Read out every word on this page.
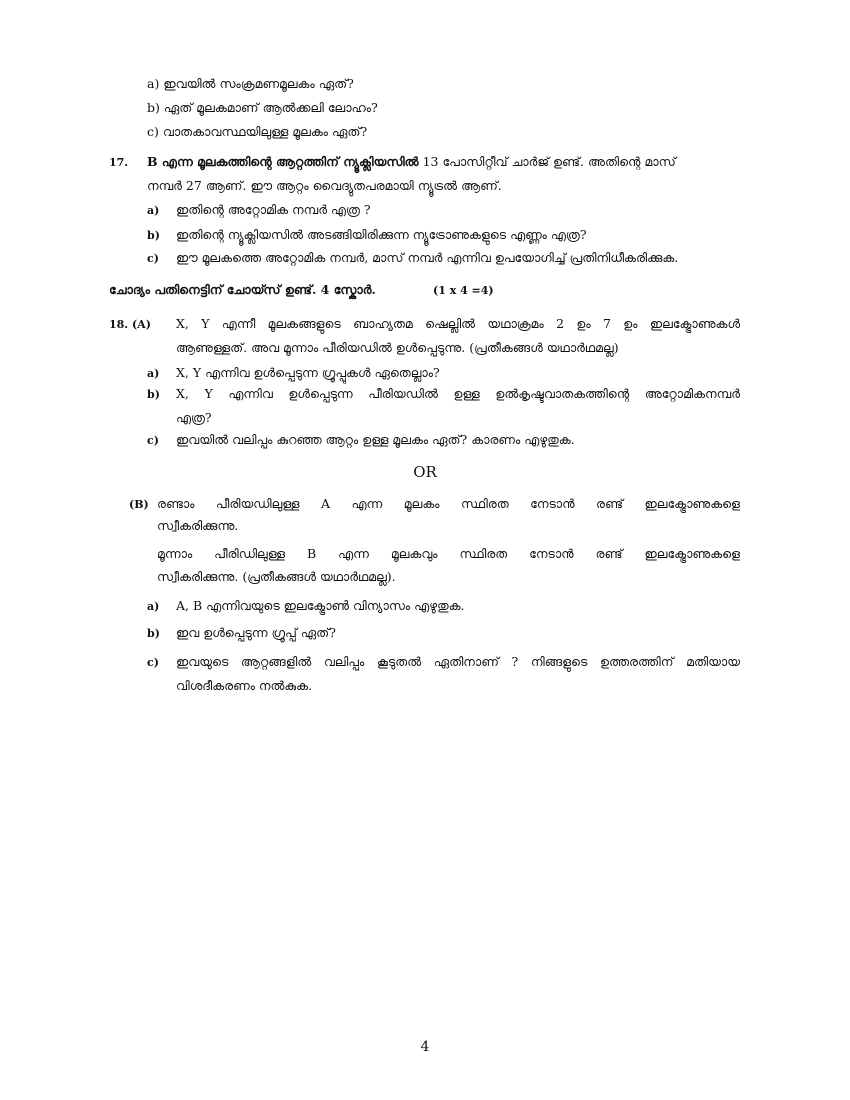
a) ഇവയിൽ സംക്രമണമൂലകം ഏത്?
b) ഏത് മൂലകമാണ് ആൽക്കലി ലോഹം?
c) വാതകാവസ്ഥയിലുള്ള മൂലകം ഏത്?
17. B എന്ന മൂലകത്തിന്റെ ആറ്റത്തിന് ന്യൂക്ലിയസിൽ 13 പോസിറ്റീവ് ചാർജ് ഉണ്ട്. അതിന്റെ മാസ്
നമ്പർ 27 ആണ്. ഈ ആറ്റം വൈദ്യുതപരമായി ന്യൂട്രൽ ആണ്.
a) ഇതിന്റെ അറ്റോമിക നമ്പർ എത്ര ?
b) ഇതിന്റെ ന്യൂക്ലിയസിൽ അടങ്ങിയിരിക്കുന്ന ന്യൂട്രോണുകളുടെ എണ്ണം എത്ര?
c) ഈ മൂലകത്തെ അറ്റോമിക നമ്പർ, മാസ് നമ്പർ എന്നിവ ഉപയോഗിച്ച് പ്രതിനിധീകരിക്കുക.
ചോദ്യം പതിനെട്ടിന് ചോയ്സ് ഉണ്ട്. 4 സ്കോർ.	(1 x 4 =4)
18. (A) X, Y എന്നീ മൂലകങ്ങളുടെ ബാഹ്യതമ ഷെല്ലിൽ യഥാക്രമം 2 ഉം 7 ഉം ഇലക്ട്രോണുകൾ
ആണുള്ളത്. അവ മൂന്നാം പീരിയഡിൽ ഉൾപ്പെടുന്നു. (പ്രതീകങ്ങൾ യഥാർഥമല്ല)
a) X, Y എന്നിവ ഉൾപ്പെടുന്ന ഗ്രൂപ്പുകൾ ഏതെല്ലാം?
b) X, Y എന്നിവ ഉൾപ്പെടുന്ന പീരിയഡിൽ ഉള്ള ഉൽകൃഷ്ടവാതകത്തിന്റെ അറ്റോമികനമ്പർ
എത്ര?
c) ഇവയിൽ വലിപ്പം കുറഞ്ഞ ആറ്റം ഉള്ള മൂലകം ഏത്? കാരണം എഴുതുക.
OR
(B) രണ്ടാം പീരിയഡിലുള്ള A എന്ന മൂലകം സ്ഥിരത നേടാൻ രണ്ട് ഇലക്ട്രോണുകളെ
സ്വീകരിക്കുന്നു.
മൂന്നാം പീരിഡിലുള്ള B എന്ന മൂലകവും സ്ഥിരത നേടാൻ രണ്ട് ഇലക്ട്രോണുകളെ
സ്വീകരിക്കുന്നു. (പ്രതീകങ്ങൾ യഥാർഥമല്ല).
a) A, B എന്നിവയുടെ ഇലക്ട്രോൺ വിന്യാസം എഴുതുക.
b) ഇവ ഉൾപ്പെടുന്ന ഗ്രൂപ്പ് ഏത്?
c) ഇവയുടെ ആറ്റങ്ങളിൽ വലിപ്പം കൂടുതൽ ഏതിനാണ് ? നിങ്ങളുടെ ഉത്തരത്തിന് മതിയായ
വിശദീകരണം നൽകുക.
4
